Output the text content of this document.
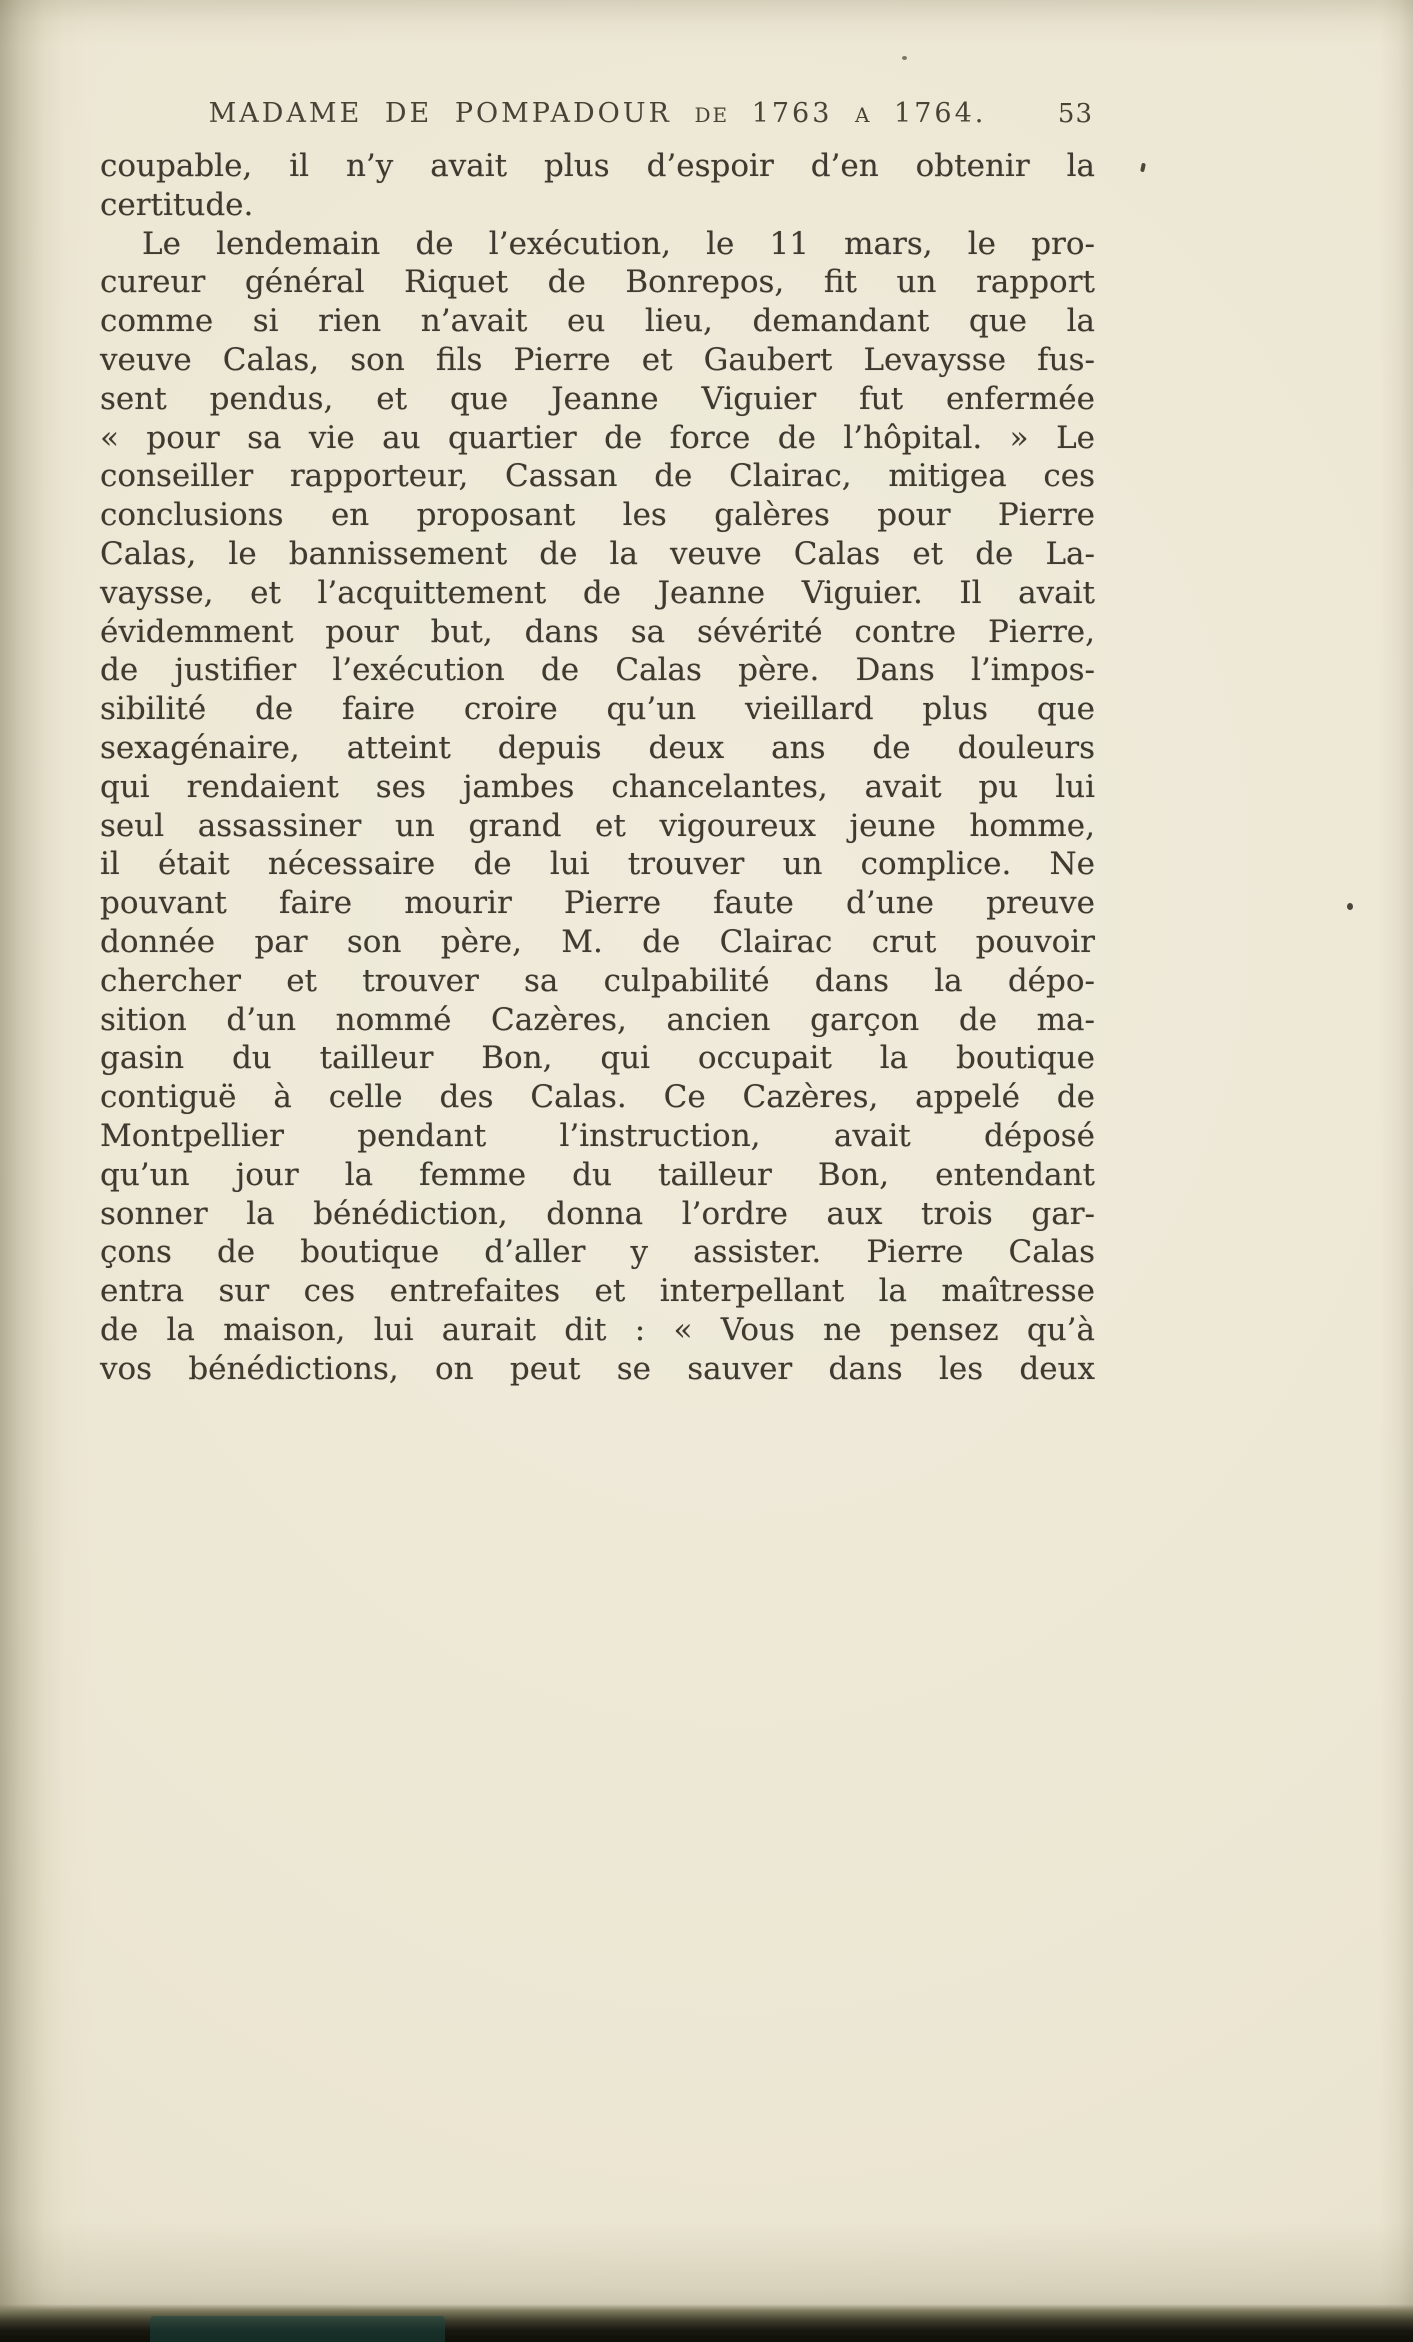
MADAME DE POMPADOUR DE 1763 A 1764.	53
coupable, il n’y avait plus d’espoir d’en obtenir la
certitude.
Le lendemain de l’exécution, le 11 mars, le pro-
cureur général Riquet de Bonrepos, fit un rapport
comme si rien n’avait eu lieu, demandant que la
veuve Calas, son fils Pierre et Gaubert Levaysse fus-
sent pendus, et que Jeanne Viguier fut enfermée
« pour sa vie au quartier de force de l’hôpital. » Le
conseiller rapporteur, Cassan de Clairac, mitigea ces
conclusions en proposant les galères pour Pierre
Calas, le bannissement de la veuve Calas et de La-
vaysse, et l’acquittement de Jeanne Viguier. Il avait
évidemment pour but, dans sa sévérité contre Pierre,
de justifier l’exécution de Calas père. Dans l’impos-
sibilité de faire croire qu’un vieillard plus que
sexagénaire, atteint depuis deux ans de douleurs
qui rendaient ses jambes chancelantes, avait pu lui
seul assassiner un grand et vigoureux jeune homme,
il était nécessaire de lui trouver un complice. Ne
pouvant faire mourir Pierre faute d’une preuve
donnée par son père, M. de Clairac crut pouvoir
chercher et trouver sa culpabilité dans la dépo-
sition d’un nommé Cazères, ancien garçon de ma-
gasin du tailleur Bon, qui occupait la boutique
contiguë à celle des Calas. Ce Cazères, appelé de
Montpellier pendant l’instruction, avait déposé
qu’un jour la femme du tailleur Bon, entendant
sonner la bénédiction, donna l’ordre aux trois gar-
çons de boutique d’aller y assister. Pierre Calas
entra sur ces entrefaites et interpellant la maîtresse
de la maison, lui aurait dit : « Vous ne pensez qu’à
vos bénédictions, on peut se sauver dans les deux
